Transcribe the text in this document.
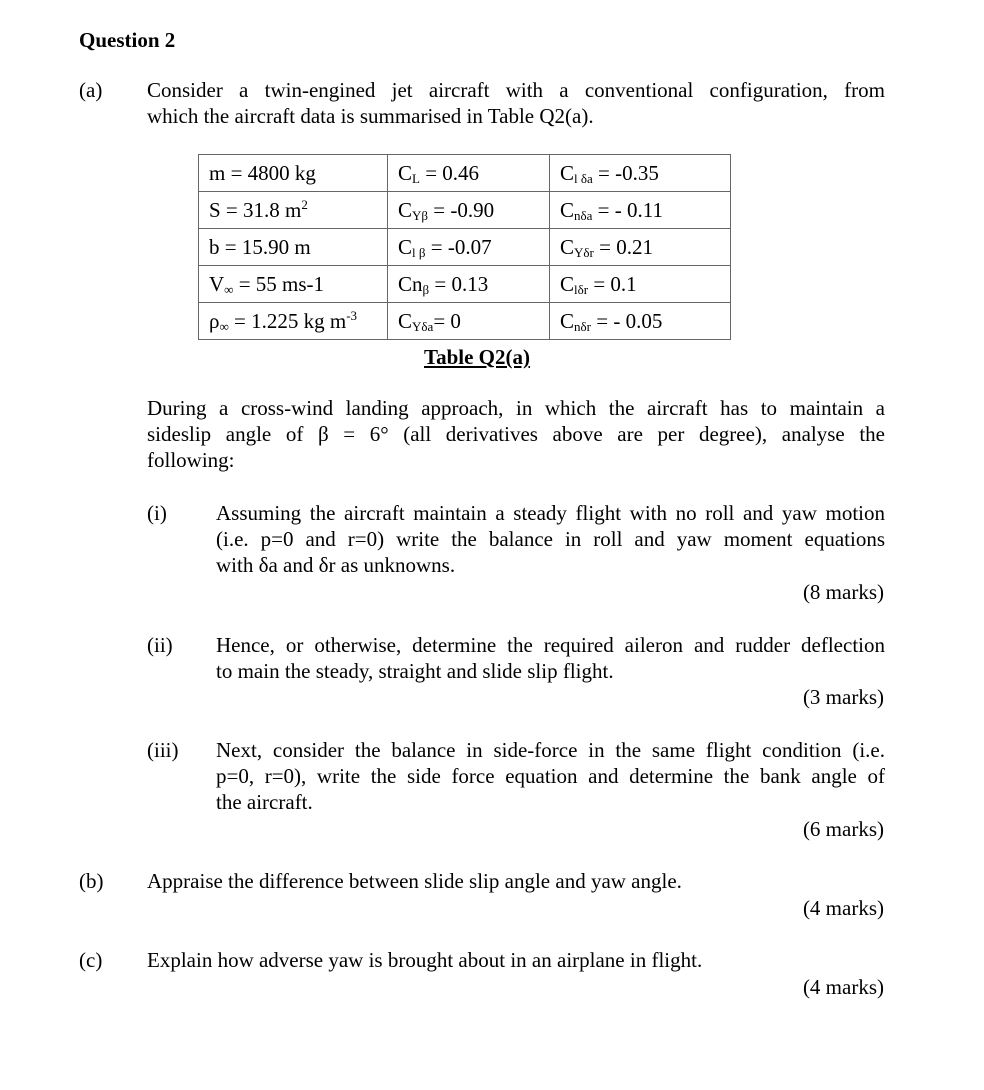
Question 2
(a) Consider a twin-engined jet aircraft with a conventional configuration, from
which the aircraft data is summarised in Table Q2(a).
m = 4800 kg	$C_L = 0.46$	$C_{l \delta a} = -0.35$
S = 31.8 $m^2$	$C_{Y\beta} = -0.90$	$C_{n\delta a}$ = - 0.11
b = 15.90 m	$C_{l \beta} = -0.07$	$C_{Y\delta r} = 0.21$
$V_\infty = 55$ ms-1	$Cn_\beta = 0.13$	$C_{l\delta r} = 0.1$
$\rho_\infty = 1.225$ kg $m^{-3}$	$C_{Y\delta a}= 0$	$C_{n\delta r}$ = - 0.05
Table Q2(a)
During a cross-wind landing approach, in which the aircraft has to maintain a
sideslip angle of β = 6° (all derivatives above are per degree), analyse the
following:
(i) Assuming the aircraft maintain a steady flight with no roll and yaw motion
(i.e. p=0 and r=0) write the balance in roll and yaw moment equations
with δa and δr as unknowns.
(8 marks)
(ii) Hence, or otherwise, determine the required aileron and rudder deflection
to main the steady, straight and slide slip flight.
(3 marks)
(iii) Next, consider the balance in side-force in the same flight condition (i.e.
p=0, r=0), write the side force equation and determine the bank angle of
the aircraft.
(6 marks)
(b) Appraise the difference between slide slip angle and yaw angle.
(4 marks)
(c) Explain how adverse yaw is brought about in an airplane in flight.
(4 marks)
